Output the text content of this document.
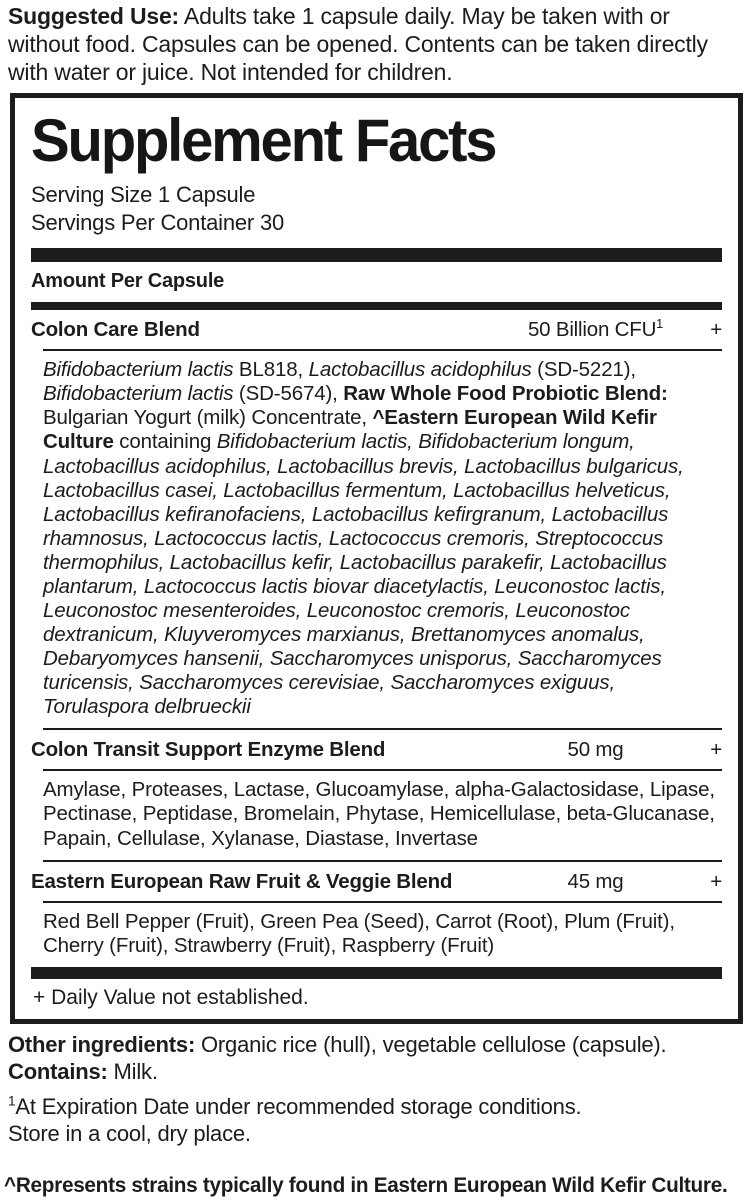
Suggested Use: Adults take 1 capsule daily. May be taken with or without food. Capsules can be opened. Contents can be taken directly with water or juice. Not intended for children.

Supplement Facts
Serving Size 1 Capsule
Servings Per Container 30
Amount Per Capsule
Colon Care Blend	50 Billion $CFU^1$	+

Bifidobacterium lactis BL818, Lactobacillus acidophilus (SD-5221), Bifidobacterium lactis (SD-5674), Raw Whole Food Probiotic Blend: Bulgarian Yogurt (milk) Concentrate, ^Eastern European Wild Kefir Culture containing Bifidobacterium lactis, Bifidobacterium longum, Lactobacillus acidophilus, Lactobacillus brevis, Lactobacillus bulgaricus, Lactobacillus casei, Lactobacillus fermentum, Lactobacillus helveticus, Lactobacillus kefiranofaciens, Lactobacillus kefirgranum, Lactobacillus rhamnosus, Lactococcus lactis, Lactococcus cremoris, Streptococcus thermophilus, Lactobacillus kefir, Lactobacillus parakefir, Lactobacillus plantarum, Lactococcus lactis biovar diacetylactis, Leuconostoc lactis, Leuconostoc mesenteroides, Leuconostoc cremoris, Leuconostoc dextranicum, Kluyveromyces marxianus, Brettanomyces anomalus, Debaryomyces hansenii, Saccharomyces unisporus, Saccharomyces turicensis, Saccharomyces cerevisiae, Saccharomyces exiguus, Torulaspora delbrueckii

Colon Transit Support Enzyme Blend	50 mg	+

Amylase, Proteases, Lactase, Glucoamylase, alpha-Galactosidase, Lipase, Pectinase, Peptidase, Bromelain, Phytase, Hemicellulase, beta-Glucanase, Papain, Cellulase, Xylanase, Diastase, Invertase

Eastern European Raw Fruit & Veggie Blend	45 mg	+

Red Bell Pepper (Fruit), Green Pea (Seed), Carrot (Root), Plum (Fruit), Cherry (Fruit), Strawberry (Fruit), Raspberry (Fruit)

+ Daily Value not established.
Other ingredients: Organic rice (hull), vegetable cellulose (capsule).
Contains: Milk.
$^1$At Expiration Date under recommended storage conditions.
Store in a cool, dry place.
^Represents strains typically found in Eastern European Wild Kefir Culture.
